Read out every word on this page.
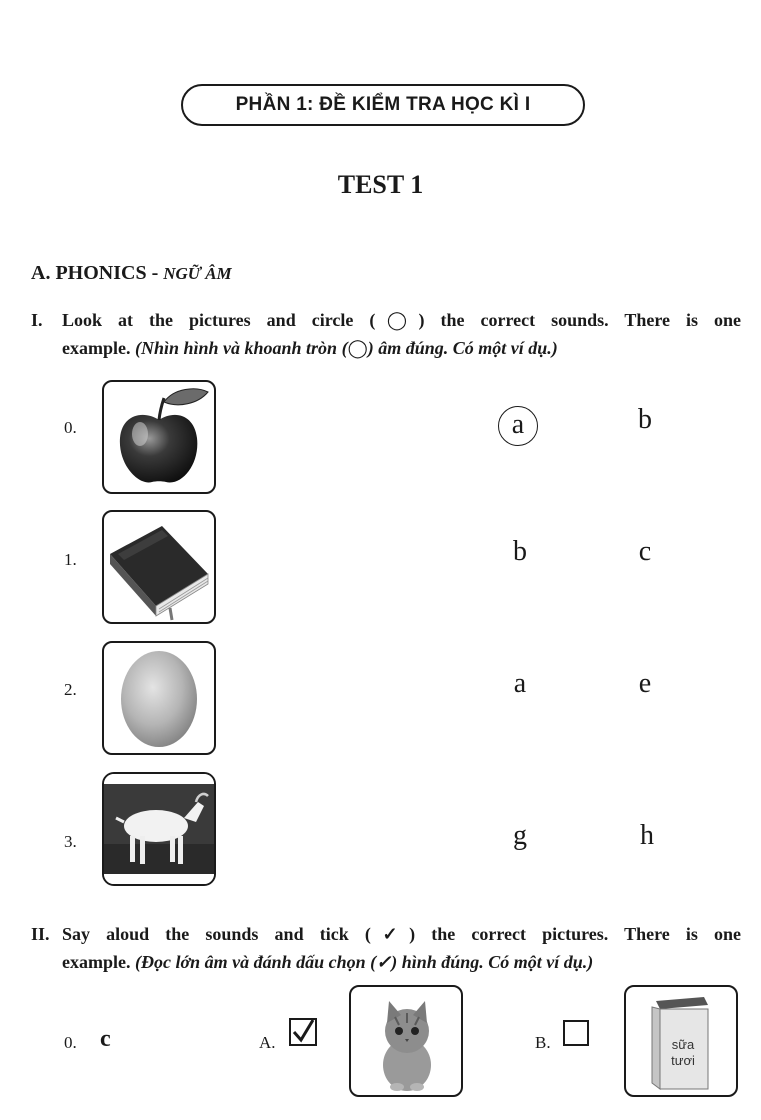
PHẦN 1: ĐỀ KIỂM TRA HỌC KÌ I
TEST 1
A. PHONICS - NGỮ ÂM
I. Look at the pictures and circle (◯) the correct sounds. There is one
example. (Nhìn hình và khoanh tròn (◯) âm đúng. Có một ví dụ.)
0.	a	b
1.	b	c
2.	a	e
3.	g	h
II. Say aloud the sounds and tick (✓) the correct pictures. There is one
example. (Đọc lớn âm và đánh dấu chọn (✓) hình đúng. Có một ví dụ.)
0. c	A.	B.	sữa
tươi
